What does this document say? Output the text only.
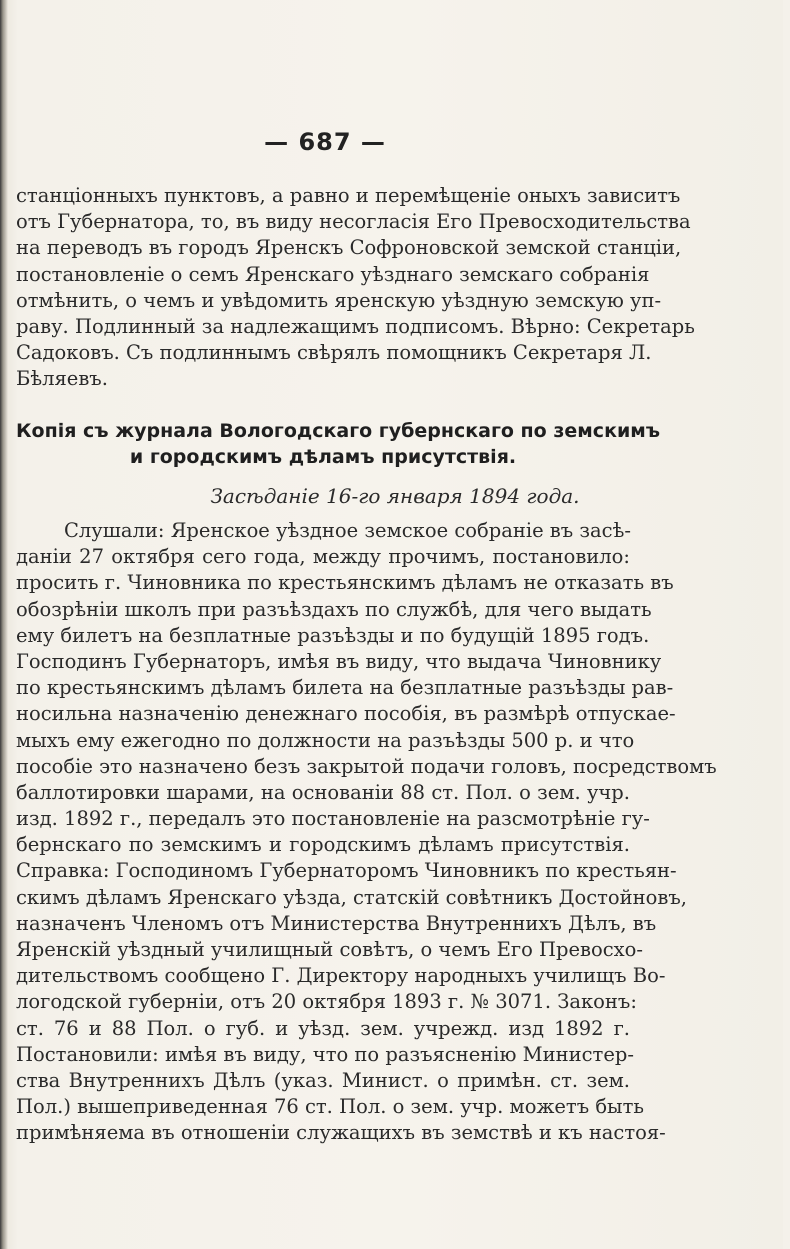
— 687 —
станціонныхъ пунктовъ, а равно и перемѣщеніе оныхъ зависитъ
отъ Губернатора, то, въ виду несогласія Его Превосходительства
на переводъ въ городъ Яренскъ Софроновской земской станціи,
постановленіе о семъ Яренскаго уѣзднаго земскаго собранія
отмѣнить, о чемъ и увѣдомить яренскую уѣздную земскую уп-
раву. Подлинный за надлежащимъ подписомъ. Вѣрно: Секретарь
Садоковъ. Съ подлиннымъ свѣрялъ помощникъ Секретаря Л.
Бѣляевъ.
Копія съ журнала Вологодскаго губернскаго по земскимъ
и городскимъ дѣламъ присутствія.
Засѣданіе 16-го января 1894 года.
Слушали: Яренское уѣздное земское собраніе въ засѣ-
даніи 27 октября сего года, между прочимъ, постановило:
просить г. Чиновника по крестьянскимъ дѣламъ не отказать въ
обозрѣніи школъ при разъѣздахъ по службѣ, для чего выдать
ему билетъ на безплатные разъѣзды и по будущій 1895 годъ.
Господинъ Губернаторъ, имѣя въ виду, что выдача Чиновнику
по крестьянскимъ дѣламъ билета на безплатные разъѣзды рав-
носильна назначенію денежнаго пособія, въ размѣрѣ отпускае-
мыхъ ему ежегодно по должности на разъѣзды 500 р. и что
пособіе это назначено безъ закрытой подачи головъ, посредствомъ
баллотировки шарами, на основаніи 88 ст. Пол. о зем. учр.
изд. 1892 г., передалъ это постановленіе на разсмотрѣніе гу-
бернскаго по земскимъ и городскимъ дѣламъ присутствія.
Справка: Господиномъ Губернаторомъ Чиновникъ по крестьян-
скимъ дѣламъ Яренскаго уѣзда, статскій совѣтникъ Достойновъ,
назначенъ Членомъ отъ Министерства Внутреннихъ Дѣлъ, въ
Яренскій уѣздный училищный совѣтъ, о чемъ Его Превосхо-
дительствомъ сообщено Г. Директору народныхъ училищъ Во-
логодской губерніи, отъ 20 октября 1893 г. № 3071. Законъ:
ст. 76 и 88 Пол. о губ. и уѣзд. зем. учрежд. изд 1892 г.
Постановили: имѣя въ виду, что по разъясненію Министер-
ства Внутреннихъ Дѣлъ (указ. Минист. о примѣн. ст. зем.
Пол.) вышеприведенная 76 ст. Пол. о зем. учр. можетъ быть
примѣняема въ отношеніи служащихъ въ земствѣ и къ настоя-
